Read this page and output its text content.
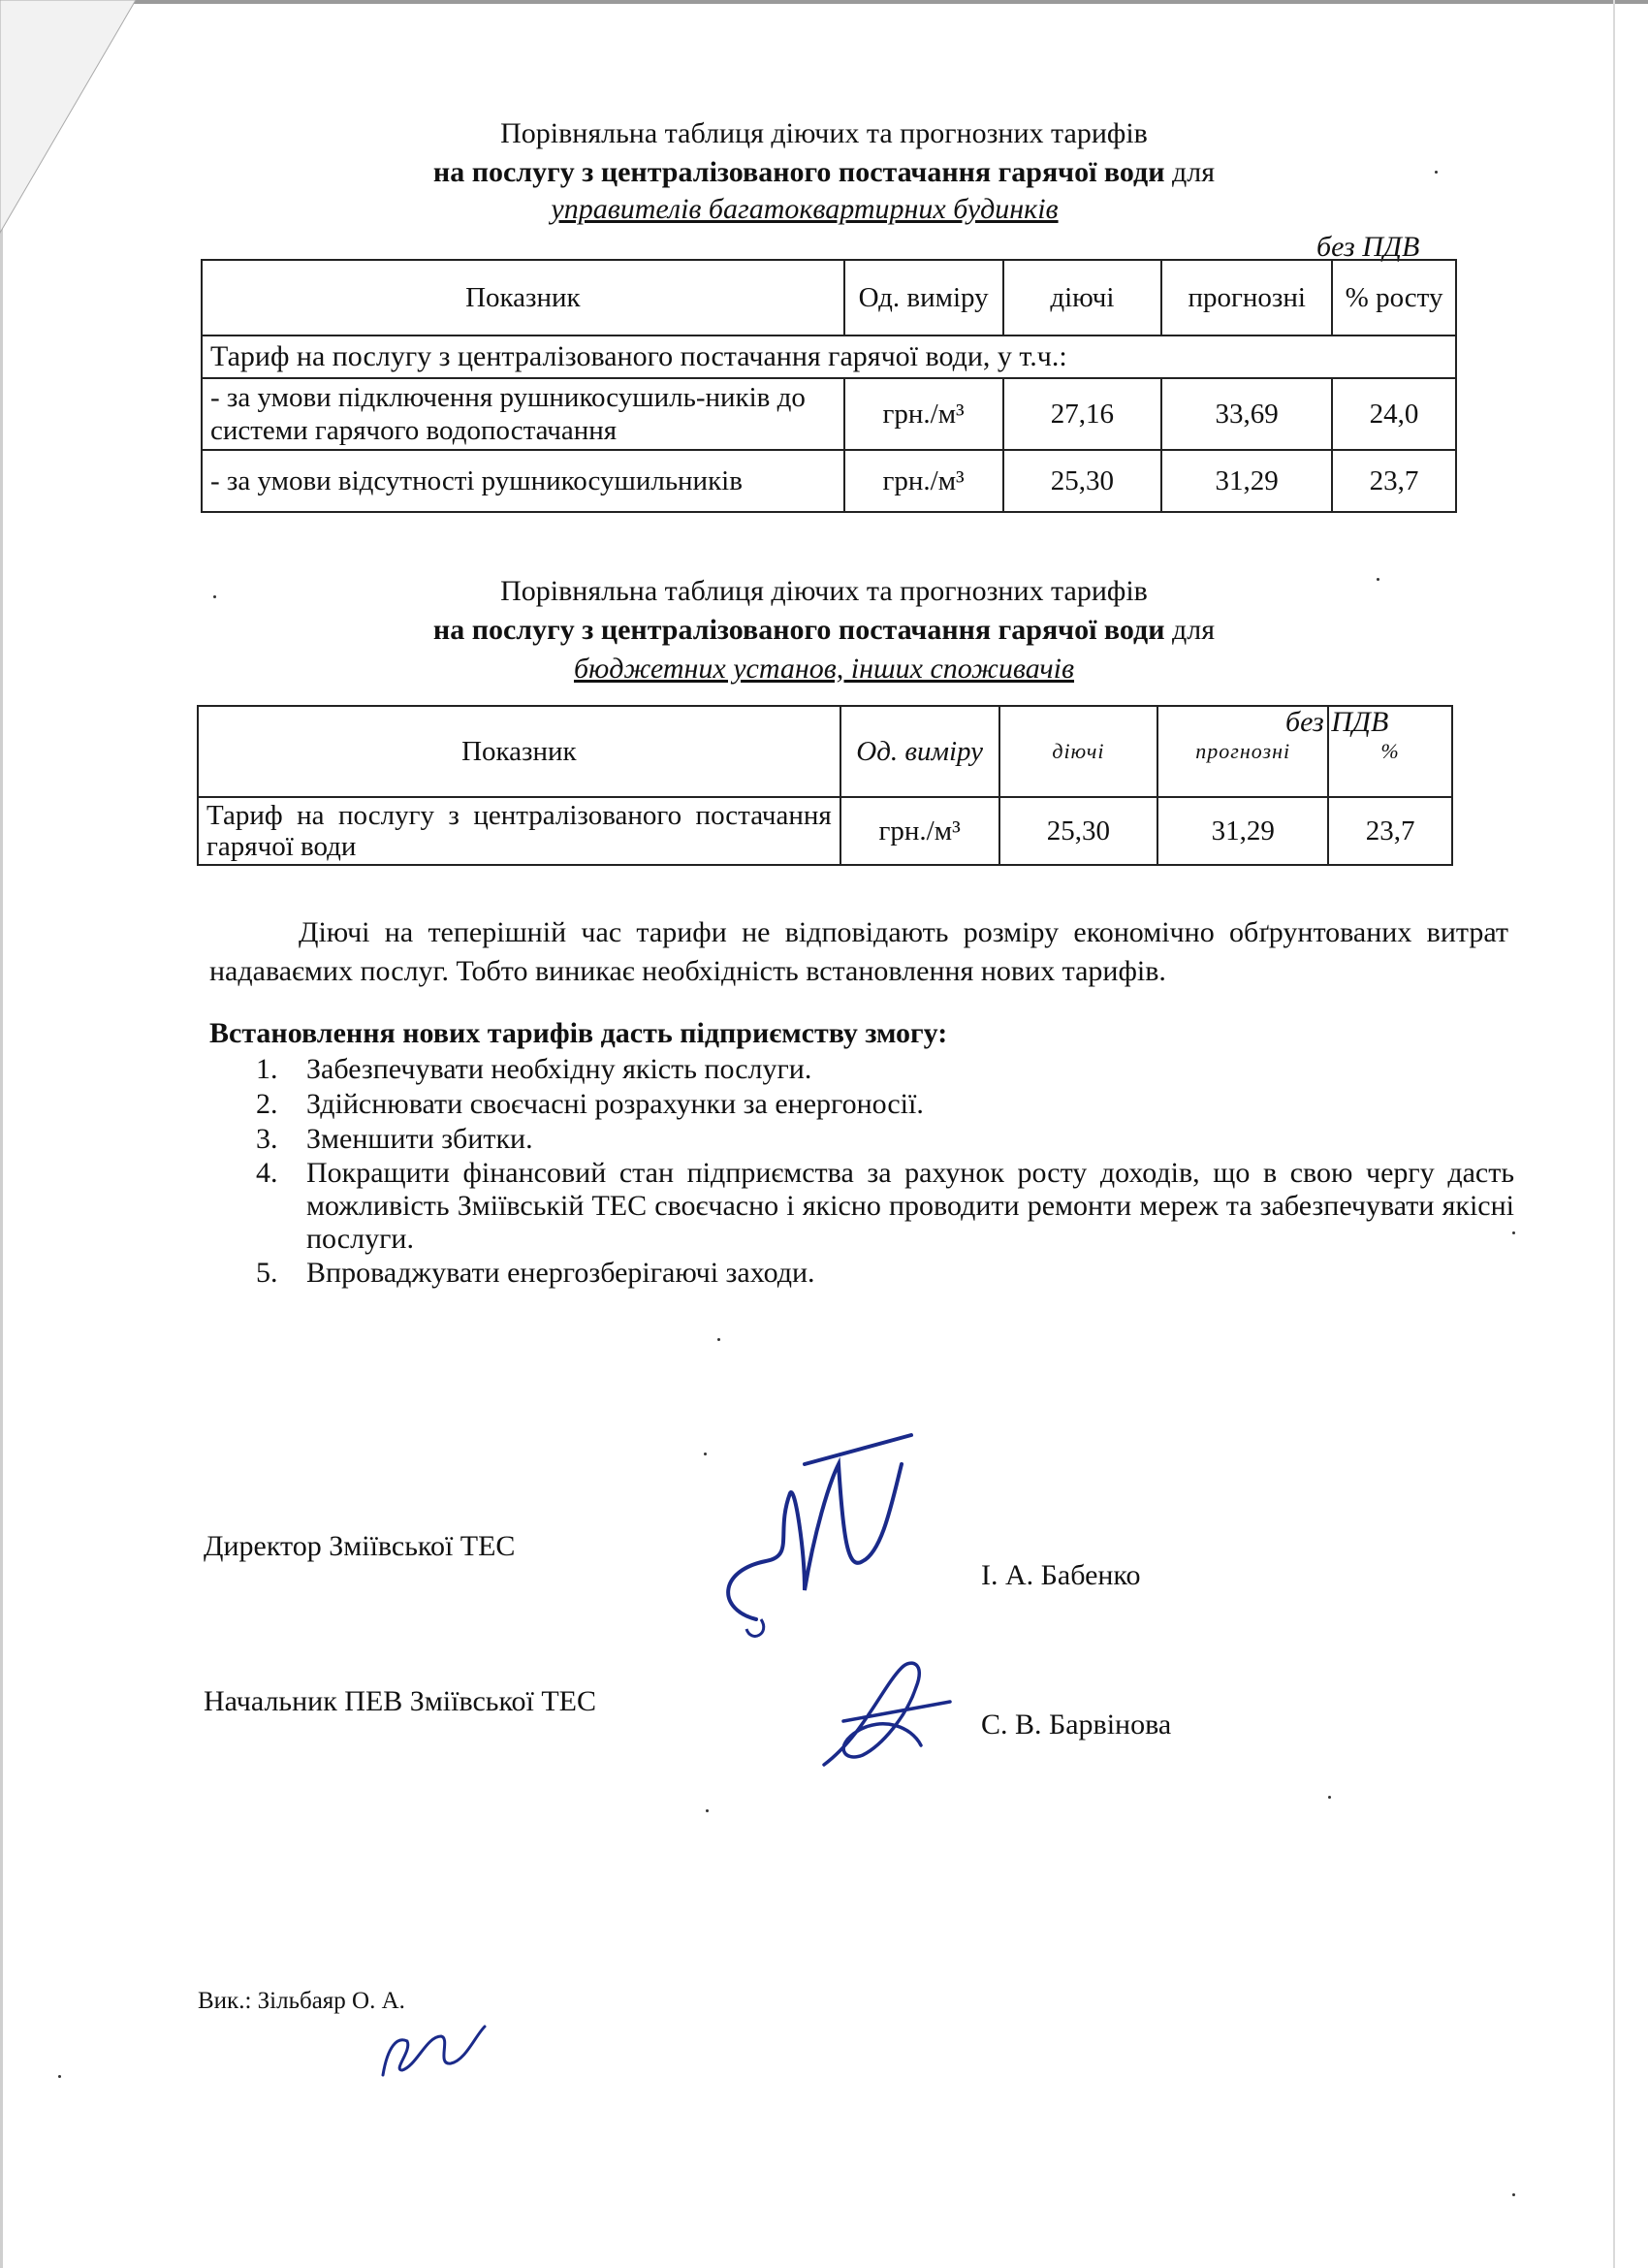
Порівняльна таблиця діючих та прогнозних тарифів
на послугу з централізованого постачання гарячої води для
управителів багатоквартирних будинків
без ПДВ
Показник	Од. виміру	діючі	прогнозні	% росту
Тариф на послугу з централізованого постачання гарячої води, у т.ч.:				
- за умови підключення рушникосушиль-ників до системи гарячого водопостачання	грн./м³	27,16	33,69	24,0
- за умови відсутності рушникосушильників	грн./м³	25,30	31,29	23,7
Порівняльна таблиця діючих та прогнозних тарифів
на послугу з централізованого постачання гарячої води для
бюджетних установ, інших споживачів
без ПДВ
Показник	Од. виміру	діючі	прогнозні	%
Тариф на послугу з централізованого постачання гарячої води	грн./м³	25,30	31,29	23,7
Діючі на теперішній час тарифи не відповідають розміру економічно обґрунтованих витрат надаваємих послуг. Тобто виникає необхідність встановлення нових тарифів.
Встановлення нових тарифів дасть підприємству змогу:
1. Забезпечувати необхідну якість послуги.
2. Здійснювати своєчасні розрахунки за енергоносії.
3. Зменшити збитки.
4. Покращити фінансовий стан підприємства за рахунок росту доходів, що в свою чергу дасть можливість Зміївській ТЕС своєчасно і якісно проводити ремонти мереж та забезпечувати якісні послуги.
5. Впроваджувати енергозберігаючі заходи.
Директор Зміївської ТЕС
І. А. Бабенко
Начальник ПЕВ Зміївської ТЕС
С. В. Барвінова
Вик.: Зільбаяр О. А.
